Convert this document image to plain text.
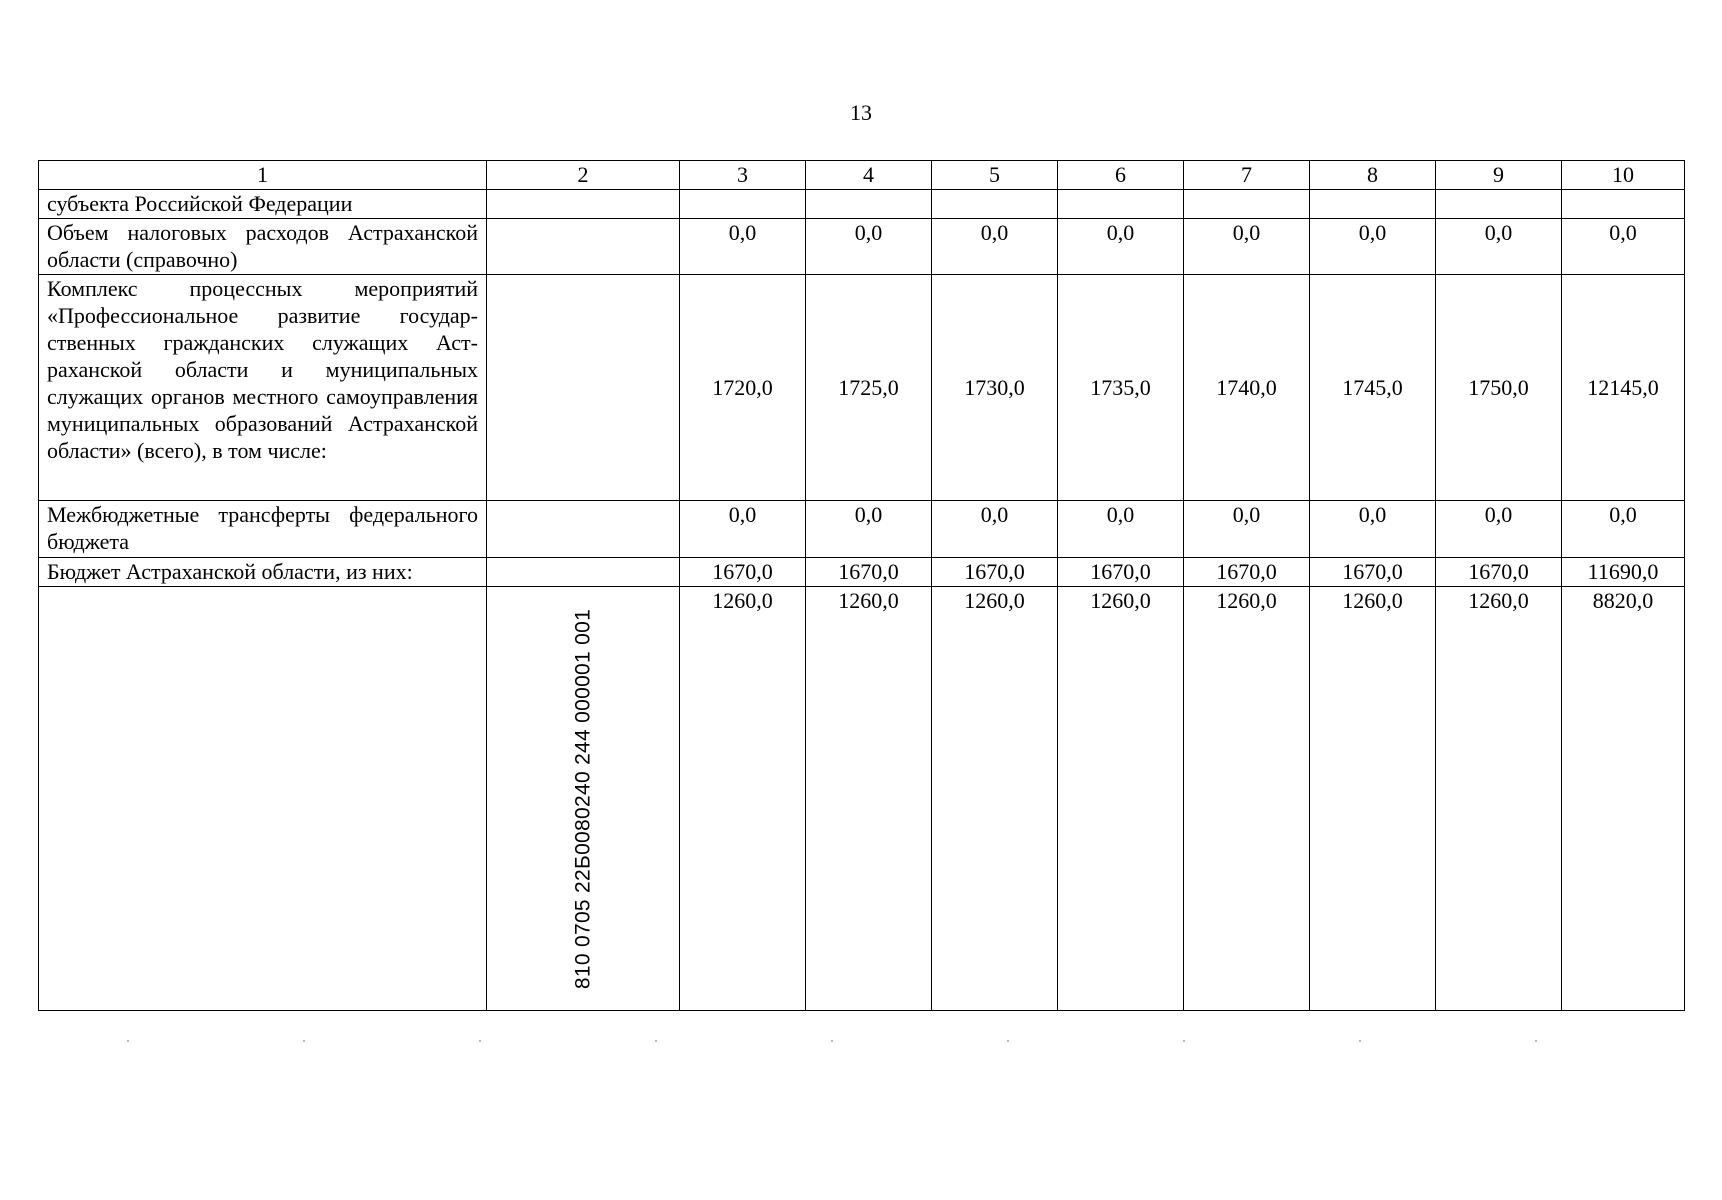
13
1	2	3	4	5	6	7	8	9	10
субъекта Российской Федерации									
Объем налоговых расходов Астраханской области (справочно)		0,0	0,0	0,0	0,0	0,0	0,0	0,0	0,0
Комплекс процессных мероприятий «Профессиональное развитие государственных гражданских служащих Астраханской области и муниципальных служащих органов местного самоуправления муниципальных образований Астраханской области» (всего), в том числе:		1720,0	1725,0	1730,0	1735,0	1740,0	1745,0	1750,0	12145,0
Межбюджетные трансферты федерального бюджета		0,0	0,0	0,0	0,0	0,0	0,0	0,0	0,0
Бюджет Астраханской области, из них:		1670,0	1670,0	1670,0	1670,0	1670,0	1670,0	1670,0	11690,0

	810 0705 22Б0080240 244 000001 001	1260,0	1260,0	1260,0	1260,0	1260,0	1260,0	1260,0	8820,0
